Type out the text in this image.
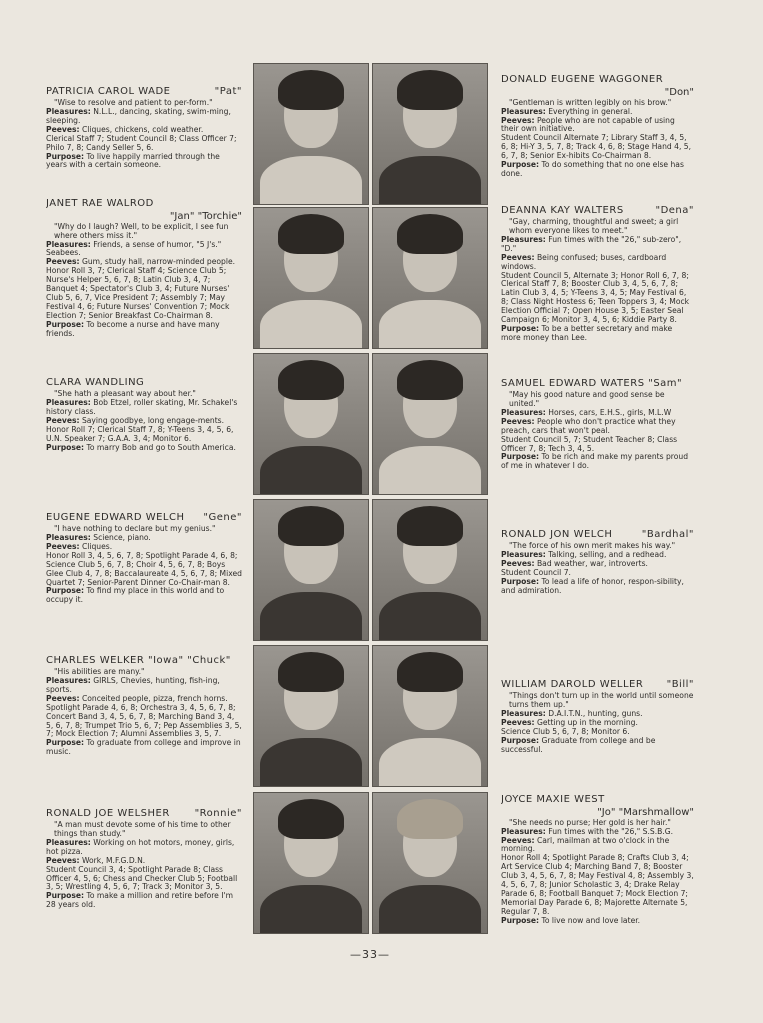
PATRICIA CAROL WADE	"Pat"
"Wise to resolve and patient to per-form."
Pleasures: N.L.L., dancing, skating, swim-ming, sleeping.
Peeves: Cliques, chickens, cold weather.
Clerical Staff 7; Student Council 8; Class Officer 7; Philo 7, 8; Candy Seller 5, 6.
Purpose: To live happily married through the years with a certain someone.
JANET RAE WALROD
"Jan" "Torchie"
"Why do I laugh? Well, to be explicit, I see fun where others miss it."
Pleasures: Friends, a sense of humor, "5 J's." Seabees.
Peeves: Gum, study hall, narrow-minded people.
Honor Roll 3, 7; Clerical Staff 4; Science Club 5; Nurse's Helper 5, 6, 7, 8; Latin Club 3, 4, 7; Banquet 4; Spectator's Club 3, 4; Future Nurses' Club 5, 6, 7, Vice President 7; Assembly 7; May Festival 4, 6; Future Nurses' Convention 7; Mock Election 7; Senior Breakfast Co-Chairman 8.
Purpose: To become a nurse and have many friends.
CLARA WANDLING
"She hath a pleasant way about her."
Pleasures: Bob Etzel, roller skating, Mr. Schakel's history class.
Peeves: Saying goodbye, long engage-ments.
Honor Roll 7; Clerical Staff 7, 8; Y-Teens 3, 4, 5, 6, U.N. Speaker 7; G.A.A. 3, 4; Monitor 6.
Purpose: To marry Bob and go to South America.
EUGENE EDWARD WELCH "Gene"
"I have nothing to declare but my genius."
Pleasures: Science, piano.
Peeves: Cliques.
Honor Roll 3, 4, 5, 6, 7, 8; Spotlight Parade 4, 6, 8; Science Club 5, 6, 7, 8; Choir 4, 5, 6, 7, 8; Boys Glee Club 4, 7, 8; Baccalaureate 4, 5, 6, 7, 8; Mixed Quartet 7; Senior-Parent Dinner Co-Chair-man 8.
Purpose: To find my place in this world and to occupy it.
CHARLES WELKER "Iowa" "Chuck"
"His abilities are many."
Pleasures: GIRLS, Chevies, hunting, fish-ing, sports.
Peeves: Conceited people, pizza, french horns.
Spotlight Parade 4, 6, 8; Orchestra 3, 4, 5, 6, 7, 8; Concert Band 3, 4, 5, 6, 7, 8; Marching Band 3, 4, 5, 6, 7, 8; Trumpet Trio 5, 6, 7; Pep Assemblies 3, 5, 7; Mock Election 7; Alumni Assemblies 3, 5, 7.
Purpose: To graduate from college and improve in music.
RONALD JOE WELSHER "Ronnie"
"A man must devote some of his time to other things than study."
Pleasures: Working on hot motors, money, girls, hot pizza.
Peeves: Work, M.F.G.D.N.
Student Council 3, 4; Spotlight Parade 8; Class Officer 4, 5, 6; Chess and Checker Club 5; Football 3, 5; Wrestling 4, 5, 6, 7; Track 3; Monitor 3, 5.
Purpose: To make a million and retire before I'm 28 years old.
DONALD EUGENE WAGGONER
"Don"
"Gentleman is written legibly on his brow."
Pleasures: Everything in general.
Peeves: People who are not capable of using their own initiative.
Student Council Alternate 7; Library Staff 3, 4, 5, 6, 8; Hi-Y 3, 5, 7, 8; Track 4, 6, 8; Stage Hand 4, 5, 6, 7, 8; Senior Ex-hibits Co-Chairman 8.
Purpose: To do something that no one else has done.
DEANNA KAY WALTERS	"Dena"
"Gay, charming, thoughtful and sweet; a girl whom everyone likes to meet."
Pleasures: Fun times with the "26," sub-zero", "D."
Peeves: Being confused; buses, cardboard windows.
Student Council 5, Alternate 3; Honor Roll 6, 7, 8; Clerical Staff 7, 8; Booster Club 3, 4, 5, 6, 7, 8; Latin Club 3, 4, 5; Y-Teens 3, 4, 5; May Festival 6, 8; Class Night Hostess 6; Teen Toppers 3, 4; Mock Election Official 7; Open House 3, 5; Easter Seal Campaign 6; Monitor 3, 4, 5, 6; Kiddie Party 8.
Purpose: To be a better secretary and make more money than Lee.
SAMUEL EDWARD WATERS "Sam"
"May his good nature and good sense be united."
Pleasures: Horses, cars, E.H.S., girls, M.L.W
Peeves: People who don't practice what they preach, cars that won't peal.
Student Council 5, 7; Student Teacher 8; Class Officer 7, 8; Tech 3, 4, 5.
Purpose: To be rich and make my parents proud of me in whatever I do.
RONALD JON WELCH	"Bardhal"
"The force of his own merit makes his way."
Pleasures: Talking, selling, and a redhead.
Peeves: Bad weather, war, introverts.
Student Council 7.
Purpose: To lead a life of honor, respon-sibility, and admiration.
WILLIAM DAROLD WELLER "Bill"
"Things don't turn up in the world until someone turns them up."
Pleasures: D.A.I.T.N., hunting, guns.
Peeves: Getting up in the morning.
Science Club 5, 6, 7, 8; Monitor 6.
Purpose: Graduate from college and be successful.
JOYCE MAXIE WEST
"Jo" "Marshmallow"
"She needs no purse; Her gold is her hair."
Pleasures: Fun times with the "26," S.S.B.G.
Peeves: Carl, mailman at two o'clock in the morning.
Honor Roll 4; Spotlight Parade 8; Crafts Club 3, 4; Art Service Club 4; Marching Band 7, 8; Booster Club 3, 4, 5, 6, 7, 8; May Festival 4, 8; Assembly 3, 4, 5, 6, 7, 8; Junior Scholastic 3, 4; Drake Relay Parade 6, 8; Football Banquet 7; Mock Election 7; Memorial Day Parade 6, 8; Majorette Alternate 5, Regular 7, 8.
Purpose: To live now and love later.
—33—
